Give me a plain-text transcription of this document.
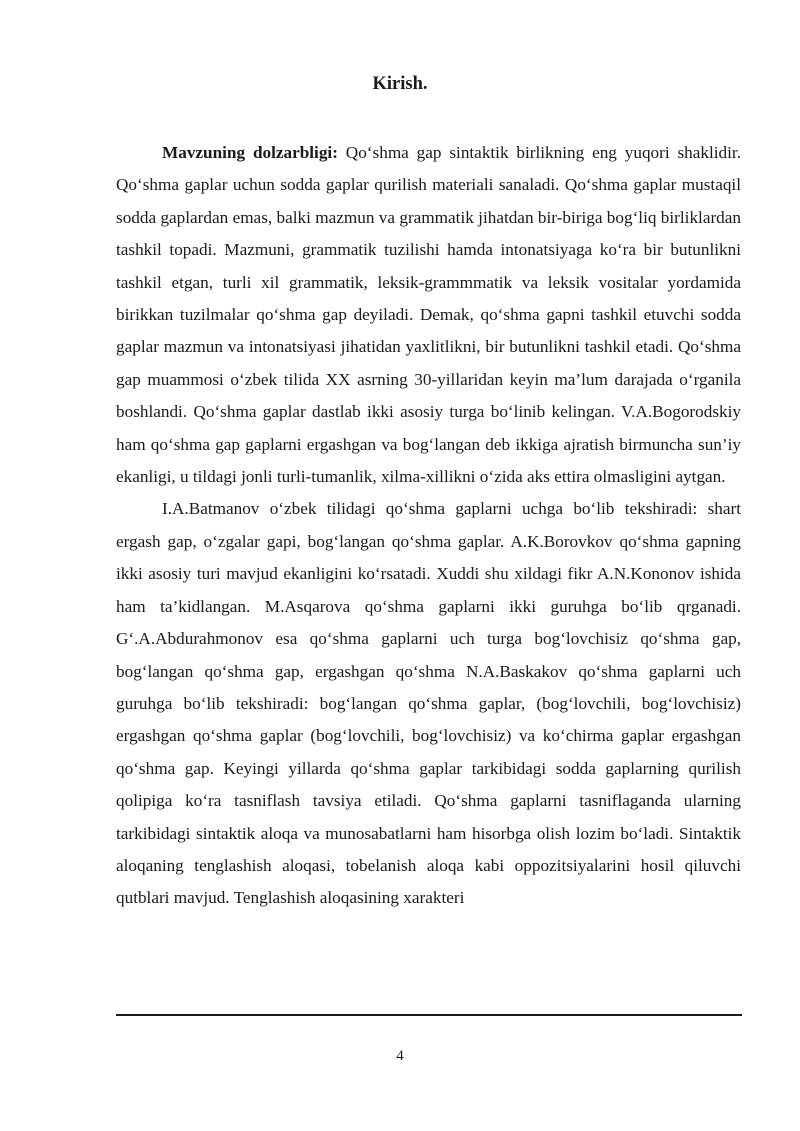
Kirish.

Mavzuning dolzarbligi: Qo‘shma gap sintaktik birlikning eng yuqori shaklidir. Qo‘shma gaplar uchun sodda gaplar qurilish materiali sanaladi. Qo‘shma gaplar mustaqil sodda gaplardan emas, balki mazmun va grammatik jihatdan bir-biriga bog‘liq birliklardan tashkil topadi. Mazmuni, grammatik tuzilishi hamda intonatsiyaga ko‘ra bir butunlikni tashkil etgan, turli xil grammatik, leksik-grammmatik va leksik vositalar yordamida birikkan tuzilmalar qo‘shma gap deyiladi. Demak, qo‘shma gapni tashkil etuvchi sodda gaplar mazmun va intonatsiyasi jihatidan yaxlitlikni, bir butunlikni tashkil etadi. Qo‘shma gap muammosi o‘zbek tilida XX asrning 30-yillaridan keyin ma’lum darajada o‘rganila boshlandi. Qo‘shma gaplar dastlab ikki asosiy turga bo‘linib kelingan. V.A.Bogorodskiy ham qo‘shma gap gaplarni ergashgan va bog‘langan deb ikkiga ajratish birmuncha sun’iy ekanligi, u tildagi jonli turli-tumanlik, xilma-xillikni o‘zida aks ettira olmasligini aytgan.

I.A.Batmanov o‘zbek tilidagi qo‘shma gaplarni uchga bo‘lib tekshiradi: shart ergash gap, o‘zgalar gapi, bog‘langan qo‘shma gaplar. A.K.Borovkov qo‘shma gapning ikki asosiy turi mavjud ekanligini ko‘rsatadi. Xuddi shu xildagi fikr A.N.Kononov ishida ham ta’kidlangan. M.Asqarova qo‘shma gaplarni ikki guruhga bo‘lib qrganadi. G‘.A.Abdurahmonov esa qo‘shma gaplarni uch turga bog‘lovchisiz qo‘shma gap, bog‘langan qo‘shma gap, ergashgan qo‘shma N.A.Baskakov qo‘shma gaplarni uch guruhga bo‘lib tekshiradi: bog‘langan qo‘shma gaplar, (bog‘lovchili, bog‘lovchisiz) ergashgan qo‘shma gaplar (bog‘lovchili, bog‘lovchisiz) va ko‘chirma gaplar ergashgan qo‘shma gap. Keyingi yillarda qo‘shma gaplar tarkibidagi sodda gaplarning qurilish qolipiga ko‘ra tasniflash tavsiya etiladi. Qo‘shma gaplarni tasniflaganda ularning tarkibidagi sintaktik aloqa va munosabatlarni ham hisorbga olish lozim bo‘ladi. Sintaktik aloqaning tenglashish aloqasi, tobelanish aloqa kabi oppozitsiyalarini hosil qiluvchi qutblari mavjud. Tenglashish aloqasining xarakteri

4
